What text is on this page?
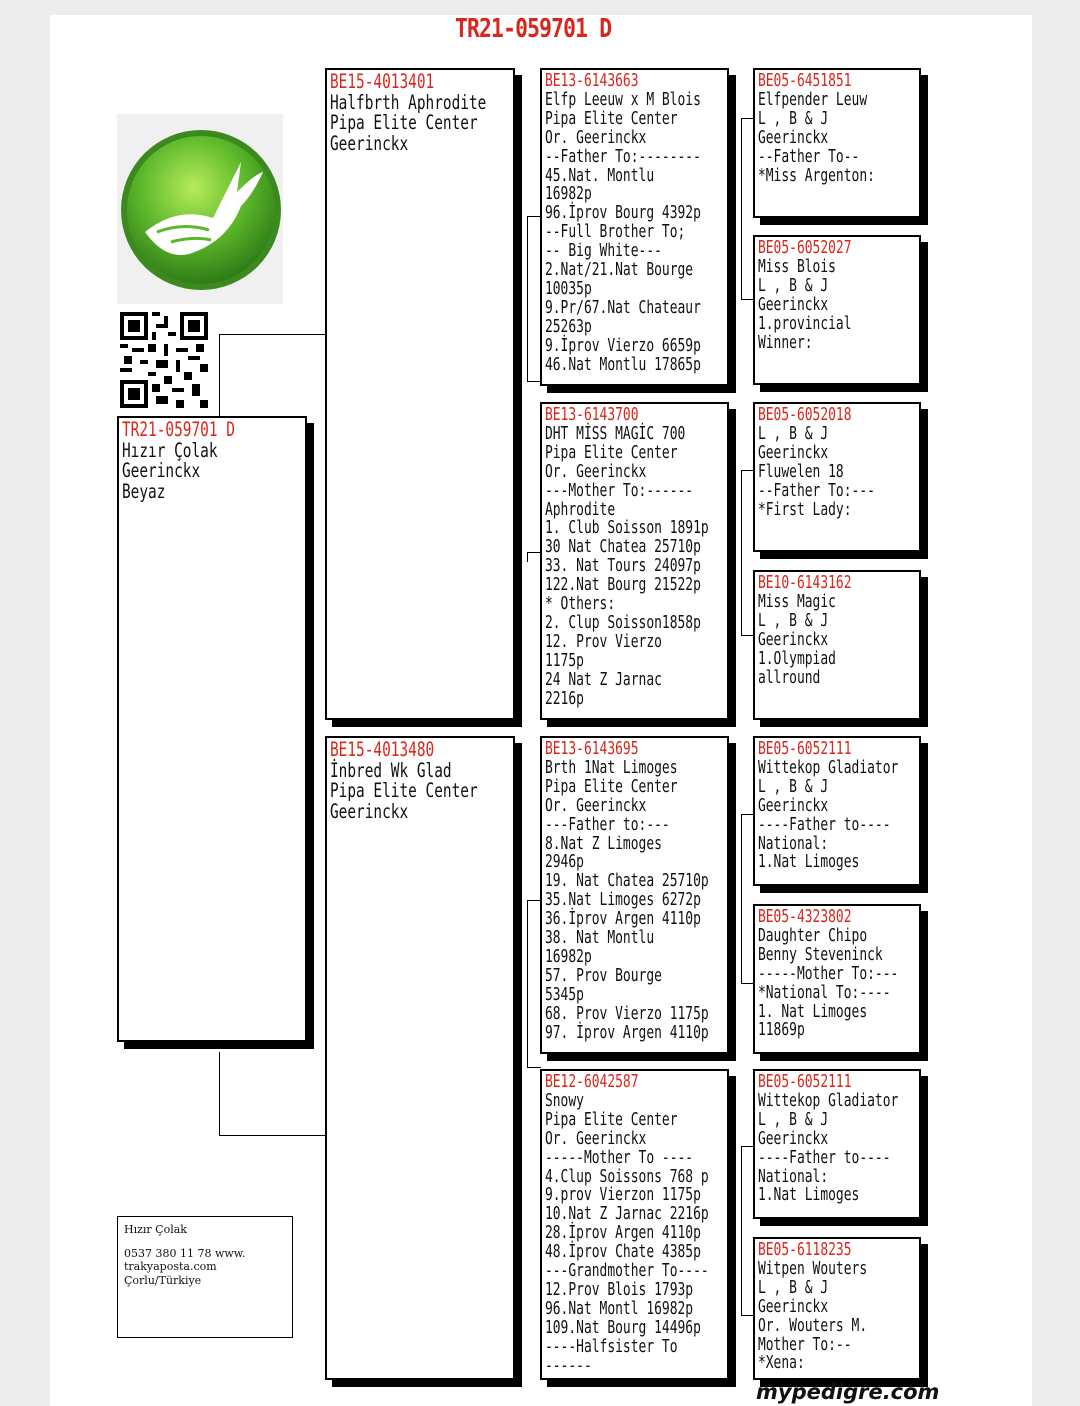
TR21-059701 D
TR21-059701 D
Hızır Çolak
Geerinckx
Beyaz
BE15-4013401
Halfbrth Aphrodite
Pipa Elite Center
Geerinckx
BE15-4013480
İnbred Wk Glad
Pipa Elite Center
Geerinckx
BE13-6143663
Elfp Leeuw x M Blois
Pipa Elite Center
Or. Geerinckx
--Father To:--------
45.Nat. Montlu
16982p
96.İprov Bourg 4392p
--Full Brother To;
-- Big White---
2.Nat/21.Nat Bourge
10035p
9.Pr/67.Nat Chateaur
25263p
9.İprov Vierzo 6659p
46.Nat Montlu 17865p
BE13-6143700
DHT MİSS MAGİC 700
Pipa Elite Center
Or. Geerinckx
---Mother To:------
Aphrodite
1. Club Soisson 1891p
30 Nat Chatea 25710p
33. Nat Tours 24097p
122.Nat Bourg 21522p
* Others:
2. Clup Soisson1858p
12. Prov Vierzo
1175p
24 Nat Z Jarnac
2216p
BE13-6143695
Brth 1Nat Limoges
Pipa Elite Center
Or. Geerinckx
---Father to:---
8.Nat Z Limoges
2946p
19. Nat Chatea 25710p
35.Nat Limoges 6272p
36.İprov Argen 4110p
38. Nat Montlu
16982p
57. Prov Bourge
5345p
68. Prov Vierzo 1175p
97. İprov Argen 4110p
BE12-6042587
Snowy
Pipa Elite Center
Or. Geerinckx
-----Mother To ----
4.Clup Soissons 768 p
9.prov Vierzon 1175p
10.Nat Z Jarnac 2216p
28.İprov Argen 4110p
48.İprov Chate 4385p
---Grandmother To----
12.Prov Blois 1793p
96.Nat Montl 16982p
109.Nat Bourg 14496p
----Halfsister To
------
BE05-6451851
Elfpender Leuw
L , B & J
Geerinckx
--Father To--
*Miss Argenton:
BE05-6052027
Miss Blois
L , B & J
Geerinckx
1.provincial
Winner:
BE05-6052018
L , B & J
Geerinckx
Fluwelen 18
--Father To:---
*First Lady:
BE10-6143162
Miss Magic
L , B & J
Geerinckx
1.Olympiad
allround
BE05-6052111
Wittekop Gladiator
L , B & J
Geerinckx
----Father to----
National:
1.Nat Limoges
BE05-4323802
Daughter Chipo
Benny Steveninck
-----Mother To:---
*National To:----
1. Nat Limoges
11869p
BE05-6052111
Wittekop Gladiator
L , B & J
Geerinckx
----Father to----
National:
1.Nat Limoges
BE05-6118235
Witpen Wouters
L , B & J
Geerinckx
Or. Wouters M.
Mother To:--
*Xena:
Hızır Çolak
0537 380 11 78 www.
trakyaposta.com
Çorlu/Türkiye
mypedigre.com
